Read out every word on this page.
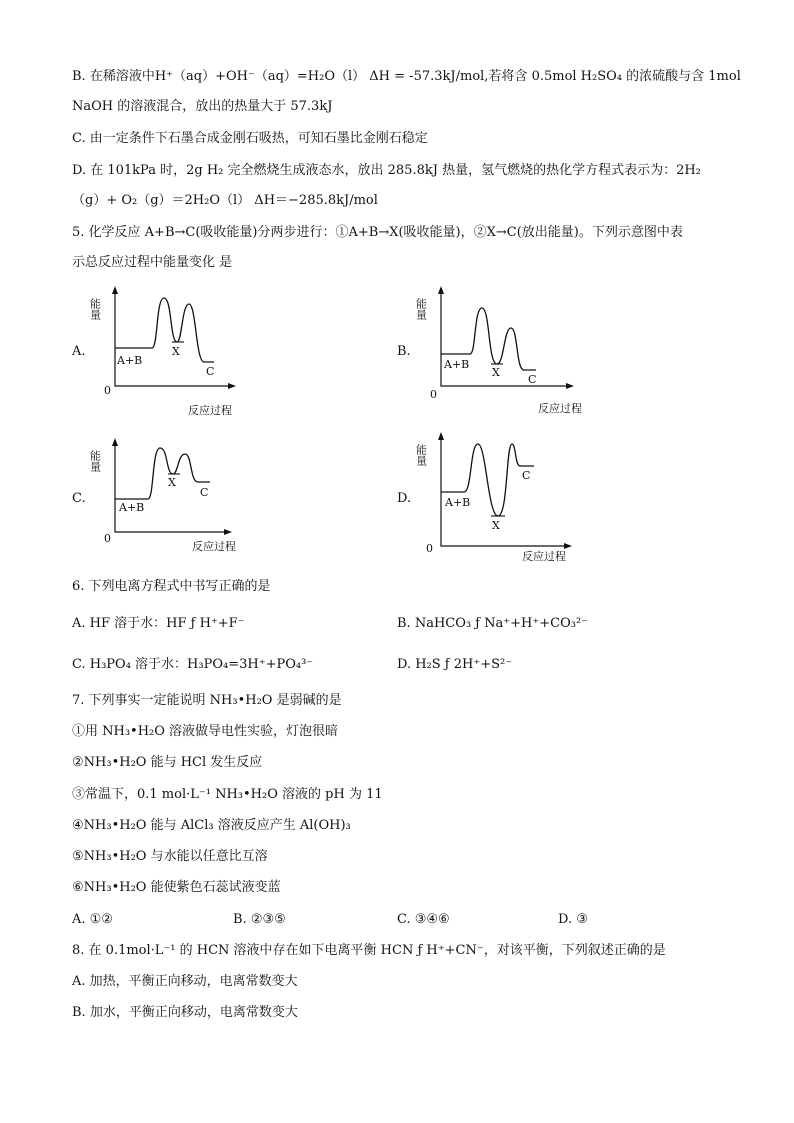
B. 在稀溶液中H⁺（aq）+OH⁻（aq）=H₂O（l） ΔH = -57.3kJ/mol,若将含 0.5mol H₂SO₄ 的浓硫酸与含 1mol
NaOH 的溶液混合，放出的热量大于 57.3kJ
C. 由一定条件下石墨合成金刚石吸热，可知石墨比金刚石稳定
D. 在 101kPa 时，2g H₂ 完全燃烧生成液态水，放出 285.8kJ 热量，氢气燃烧的热化学方程式表示为：2H₂
（g）+ O₂（g）＝2H₂O（l） ΔH＝−285.8kJ/mol
5. 化学反应 A+B→C(吸收能量)分两步进行：①A+B→X(吸收能量)，②X→C(放出能量)。下列示意图中表
示总反应过程中能量变化 是
A.
能量
0
A+B
X
C
反应过程
B.
能量
0
A+B
X
C
反应过程
C.
能量
0
A+B
X
C
反应过程
D.
能量
0
A+B
X
C
反应过程
6. 下列电离方程式中书写正确的是
A. HF 溶于水：HF ƒ H⁺+F⁻	B. NaHCO₃ ƒ Na⁺+H⁺+CO₃²⁻
C. H₃PO₄ 溶于水：H₃PO₄=3H⁺+PO₄³⁻	D. H₂S ƒ 2H⁺+S²⁻
7. 下列事实一定能说明 NH₃•H₂O 是弱碱的是
①用 NH₃•H₂O 溶液做导电性实验，灯泡很暗
②NH₃•H₂O 能与 HCl 发生反应
③常温下，0.1 mol·L⁻¹ NH₃•H₂O 溶液的 pH 为 11
④NH₃•H₂O 能与 AlCl₃ 溶液反应产生 Al(OH)₃
⑤NH₃•H₂O 与水能以任意比互溶
⑥NH₃•H₂O 能使紫色石蕊试液变蓝
A. ①②	B. ②③⑤	C. ③④⑥	D. ③
8. 在 0.1mol·L⁻¹ 的 HCN 溶液中存在如下电离平衡 HCN ƒ H⁺+CN⁻，对该平衡，下列叙述正确的是
A. 加热，平衡正向移动，电离常数变大
B. 加水，平衡正向移动，电离常数变大
